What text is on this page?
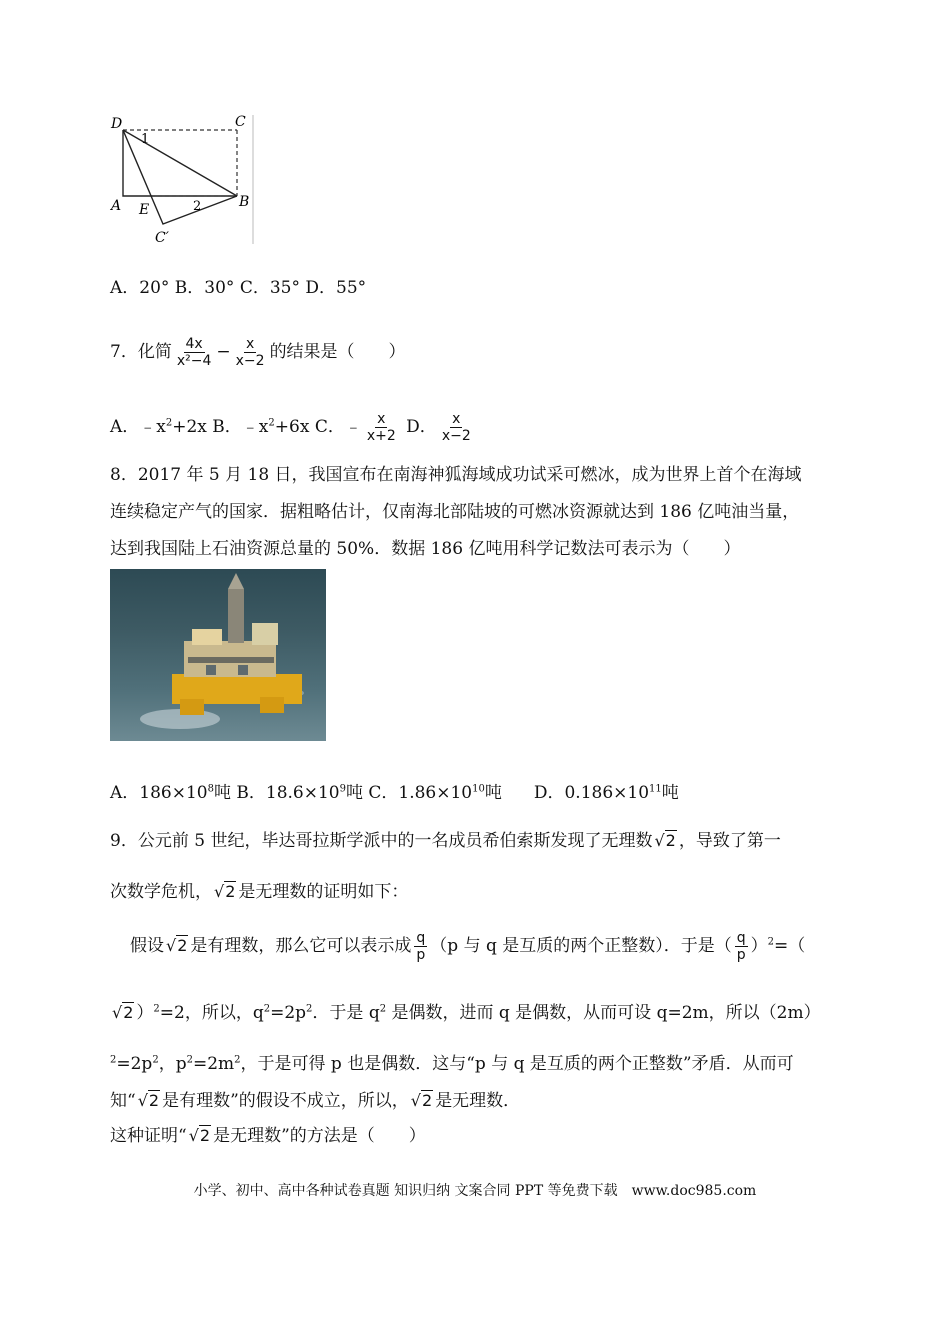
D	C
A E	B
C′
1
2
A．20° B．30° C．35° D．55°
7．化简 $\frac{4x}{\text{x²−4}} - \frac{x}{x-2}$ 的结果是（　　）
A．$﹣x^2+2x$ B．$﹣x^2+6x$ C．﹣ $\frac{x}{x+2}$ D． $\frac{x}{x-2}$
8．2017 年 5 月 18 日，我国宣布在南海神狐海域成功试采可燃冰，成为世界上首个在海域
连续稳定产气的国家．据粗略估计，仅南海北部陆坡的可燃冰资源就达到 186 亿吨油当量，
达到我国陆上石油资源总量的 50%．数据 186 亿吨用科学记数法可表示为（　　）
A．$186\times 10^8$吨 B．$18.6\times 10^9$吨 C．$1.86\times 10^{10}$吨 D．$0.186\times 10^{11}$吨
9．公元前 5 世纪，毕达哥拉斯学派中的一名成员希伯索斯发现了无理数 √2 ，导致了第一
次数学危机， √2 是无理数的证明如下：
假设 √2 是有理数，那么它可以表示成 $\frac{q}{p} (p$ 与 q 是互质的两个正整数）．于是（ $\frac{q}{p} )^2=$（
√2 ）$^2$=2，所以，$q^2=2p^2$．于是 $q^2$ 是偶数，进而 q 是偶数，从而可设 q=2m，所以（2m）
$^2=2p^2$，$p^2=2m^2$，于是可得 p 也是偶数．这与“p 与 q 是互质的两个正整数”矛盾．从而可
知“ √2 是有理数”的假设不成立，所以， √2 是无理数．
这种证明“ √2 是无理数”的方法是（　　）
小学、初中、高中各种试卷真题 知识归纳 文案合同 PPT 等免费下载　www.doc985.com
